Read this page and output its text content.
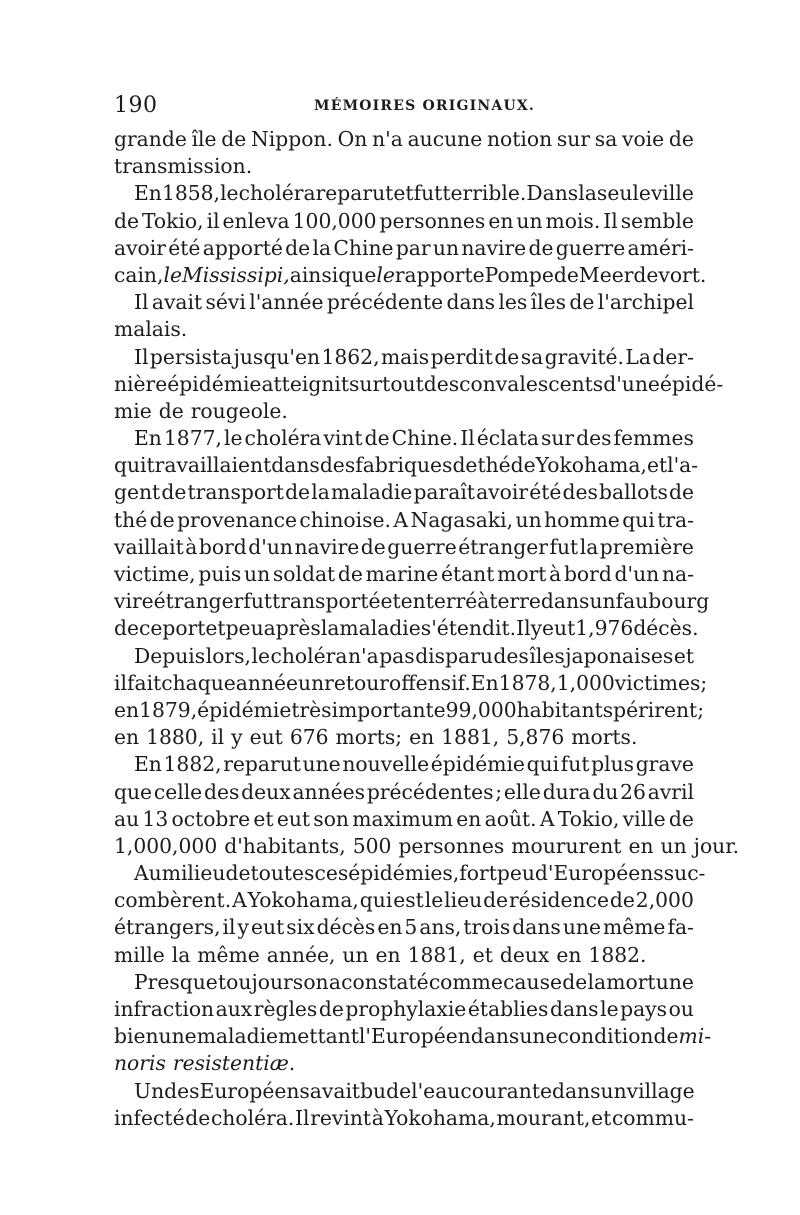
190	MÉMOIRES ORIGINAUX.
grande île de Nippon. On n'a aucune notion sur sa voie de
transmission.
En 1858, le choléra reparut et fut terrible. Dans la seule ville
de Tokio, il enleva 100,000 personnes en un mois. Il semble
avoir été apporté de la Chine par un navire de guerre améri-
cain, le Mississipi, ainsi que le rapporte Pompe de Meerdevort.
Il avait sévi l'année précédente dans les îles de l'archipel
malais.
Il persista jusqu'en 1862, mais perdit de sa gravité. La der-
nière épidémie atteignit surtout des convalescents d'une épidé-
mie de rougeole.
En 1877, le choléra vint de Chine. Il éclata sur des femmes
qui travaillaient dans des fabriques de thé de Yokohama, et l'a-
gent de transport de la maladie paraît avoir été des ballots de
thé de provenance chinoise. A Nagasaki, un homme qui tra-
vaillait à bord d'un navire de guerre étranger fut la première
victime, puis un soldat de marine étant mort à bord d'un na-
vire étranger fut transporté et enterré à terre dans un faubourg
de ce port et peu après la maladie s'étendit. Il y eut 1,976 décès.
Depuis lors, le choléra n'a pas disparu des îles japonaises et
il fait chaque année un retour offensif. En 1878, 1,000 victimes;
en 1879, épidémie très importante 99,000 habitants périrent;
en 1880, il y eut 676 morts; en 1881, 5,876 morts.
En 1882, reparut une nouvelle épidémie qui fut plus grave
que celle des deux années précédentes ; elle dura du 26 avril
au 13 octobre et eut son maximum en août. A Tokio, ville de
1,000,000 d'habitants, 500 personnes moururent en un jour.
Au milieu de toutes ces épidémies, fort peu d'Européens suc-
combèrent. A Yokohama, qui est le lieu de résidence de 2,000
étrangers, il y eut six décès en 5 ans, trois dans une même fa-
mille la même année, un en 1881, et deux en 1882.
Presque toujours on a constaté comme cause de la mort une
infraction aux règles de prophylaxie établies dans le pays ou
bien une maladie mettant l'Européen dans une condition de mi-
noris resistentiæ.
Un des Européens avait bu de l'eau courante dans un village
infecté de choléra. Il revint à Yokohama, mourant, et commu-
